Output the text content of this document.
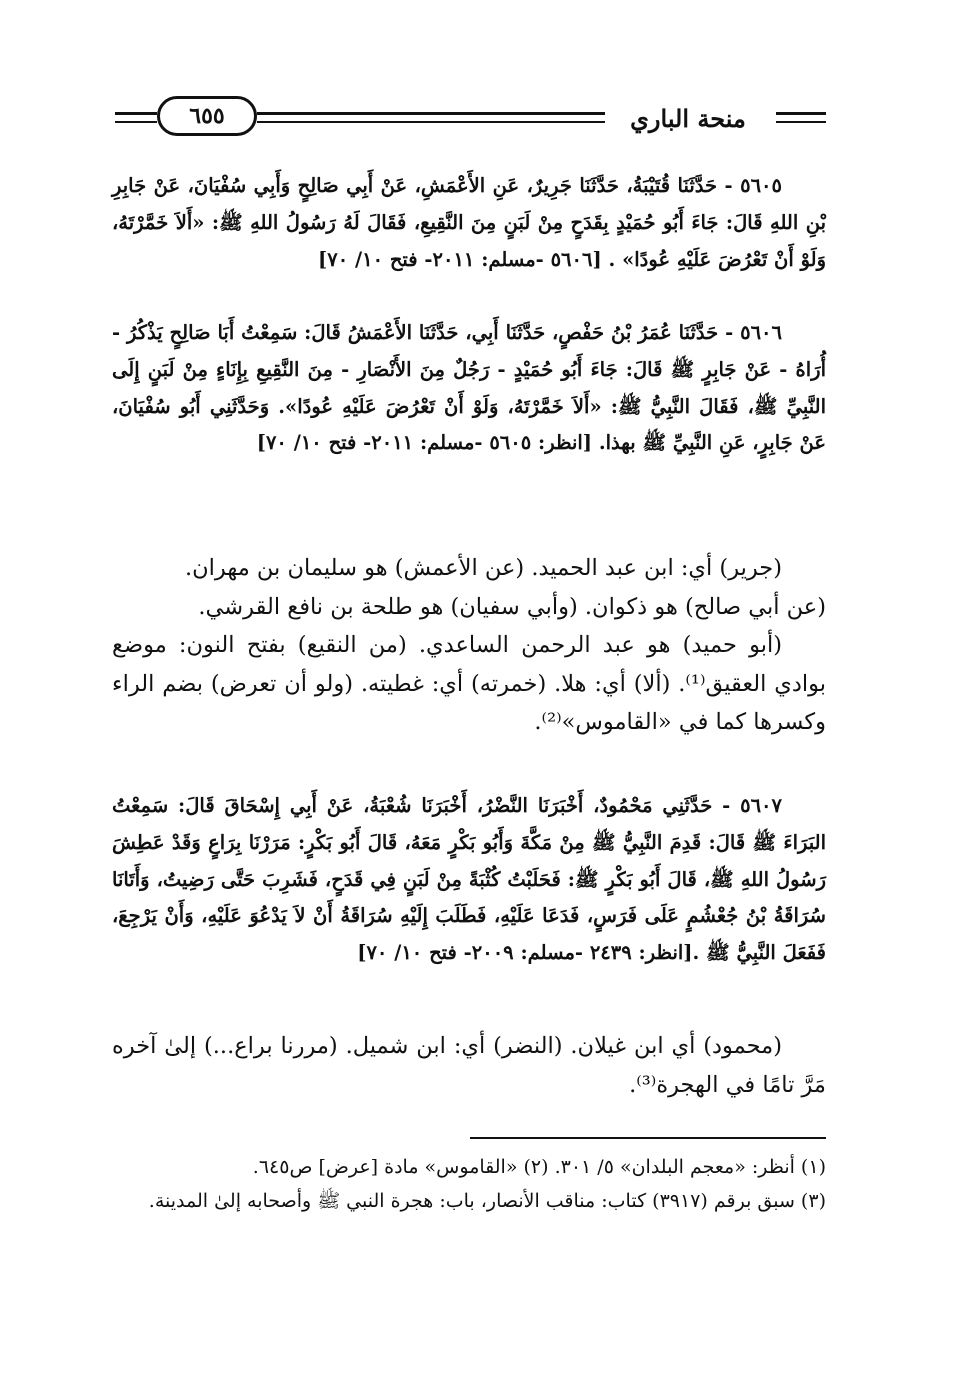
منحة الباري
٦٥٥

٥٦٠٥ - حَدَّثَنَا قُتَيْبَةُ، حَدَّثَنَا جَرِيرٌ، عَنِ الأَعْمَشِ، عَنْ أَبِي صَالِحٍ وَأَبِي سُفْيَانَ، عَنْ جَابِرِ بْنِ اللهِ قَالَ: جَاءَ أَبُو حُمَيْدٍ بِقَدَحٍ مِنْ لَبَنٍ مِنَ النَّقِيعِ، فَقَالَ لَهُ رَسُولُ اللهِ ﷺ: «أَلاَ خَمَّرْتَهُ، وَلَوْ أَنْ تَعْرُضَ عَلَيْهِ عُودًا» . [٥٦٠٦ -مسلم: ٢٠١١- فتح ١٠/ ٧٠]

٥٦٠٦ - حَدَّثَنَا عُمَرُ بْنُ حَفْصٍ، حَدَّثَنَا أَبِي، حَدَّثَنَا الأَعْمَشُ قَالَ: سَمِعْتُ أَبَا صَالِحٍ يَذْكُرُ - أُرَاهُ - عَنْ جَابِرٍ ﷺ قَالَ: جَاءَ أَبُو حُمَيْدٍ - رَجُلٌ مِنَ الأَنْصَارِ - مِنَ النَّقِيعِ بِإِنَاءٍ مِنْ لَبَنٍ إِلَى النَّبِيِّ ﷺ، فَقَالَ النَّبِيُّ ﷺ: «أَلاَ خَمَّرْتَهُ، وَلَوْ أَنْ تَعْرُضَ عَلَيْهِ عُودًا». وَحَدَّثَنِي أَبُو سُفْيَانَ، عَنْ جَابِرٍ، عَنِ النَّبِيِّ ﷺ بهذا. [انظر: ٥٦٠٥ -مسلم: ٢٠١١- فتح ١٠/ ٧٠]

(جرير) أي: ابن عبد الحميد. (عن الأعمش) هو سليمان بن مهران.

(عن أبي صالح) هو ذكوان. (وأبي سفيان) هو طلحة بن نافع القرشي.

(أبو حميد) هو عبد الرحمن الساعدي. (من النقيع) بفتح النون: موضع بوادي العقيق⁽¹⁾. (ألا) أي: هلا. (خمرته) أي: غطيته. (ولو أن تعرض) بضم الراء وكسرها كما في «القاموس»⁽²⁾.

٥٦٠٧ - حَدَّثَنِي مَحْمُودٌ، أَخْبَرَنَا النَّضْرُ، أَخْبَرَنَا شُعْبَةُ، عَنْ أَبِي إِسْحَاقَ قَالَ: سَمِعْتُ البَرَاءَ ﷺ قَالَ: قَدِمَ النَّبِيُّ ﷺ مِنْ مَكَّةَ وَأَبُو بَكْرٍ مَعَهُ، قَالَ أَبُو بَكْرٍ: مَرَرْنَا بِرَاعٍ وَقَدْ عَطِشَ رَسُولُ اللهِ ﷺ، قَالَ أَبُو بَكْرٍ ﷺ: فَحَلَبْتُ كُثْبَةً مِنْ لَبَنٍ فِي قَدَحٍ، فَشَرِبَ حَتَّى رَضِيتُ، وَأَتَانَا سُرَاقَةُ بْنُ جُعْشُمٍ عَلَى فَرَسٍ، فَدَعَا عَلَيْهِ، فَطَلَبَ إِلَيْهِ سُرَاقَةُ أَنْ لاَ يَدْعُوَ عَلَيْهِ، وَأَنْ يَرْجِعَ، فَفَعَلَ النَّبِيُّ ﷺ .[انظر: ٢٤٣٩ -مسلم: ٢٠٠٩- فتح ١٠/ ٧٠]

(محمود) أي ابن غيلان. (النضر) أي: ابن شميل. (مررنا براع...) إلىٰ آخره مَرَّ تامًا في الهجرة⁽³⁾.

(١) أنظر: «معجم البلدان» ٥/ ٣٠١. (٢) «القاموس» مادة [عرض] ص٦٤٥.

(٣) سبق برقم (٣٩١٧) كتاب: مناقب الأنصار، باب: هجرة النبي ﷺ وأصحابه إلىٰ المدينة.
